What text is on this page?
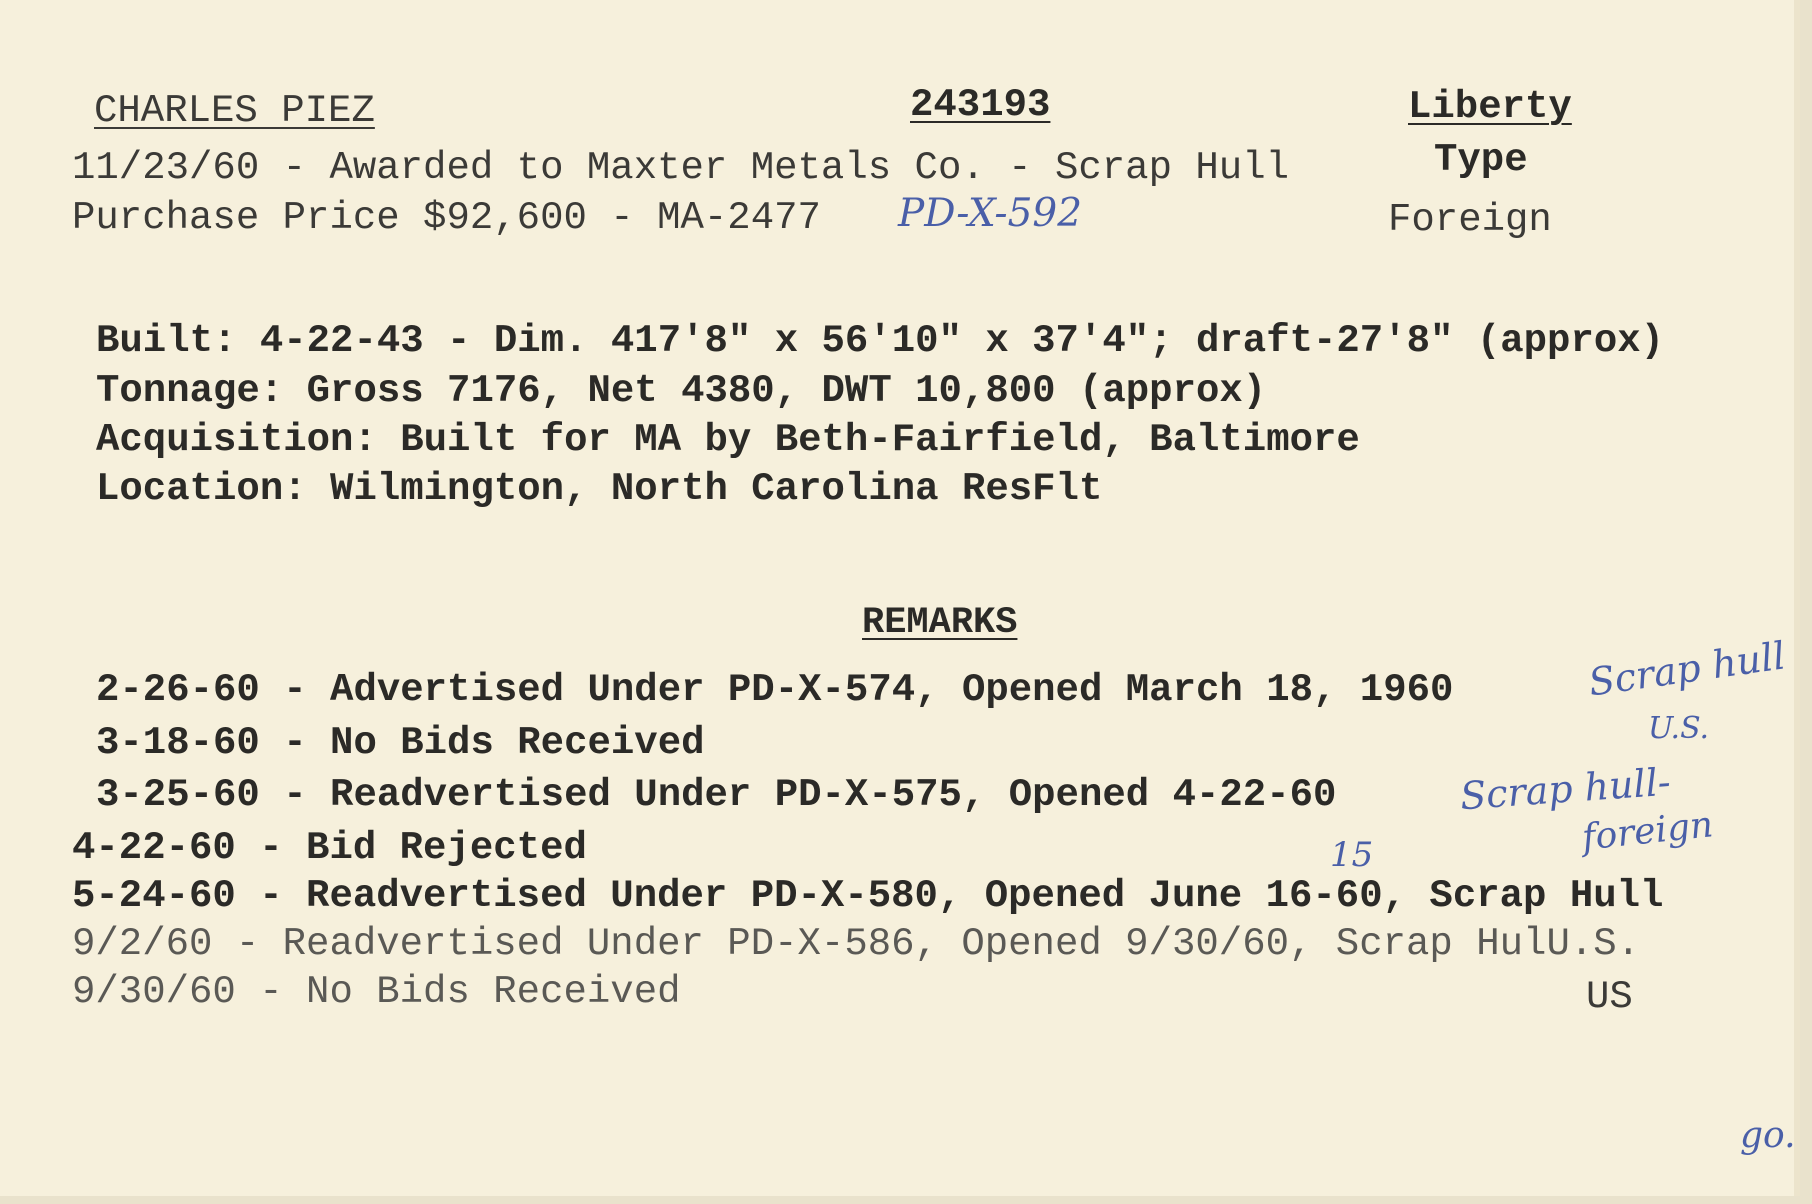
CHARLES PIEZ	243193	Liberty
Type
Foreign
11/23/60 - Awarded to Maxter Metals Co. - Scrap Hull
Purchase Price $92,600 - MA-2477 PD-X-592
Built: 4-22-43 - Dim. 417'8" x 56'10" x 37'4"; draft-27'8" (approx)
Tonnage: Gross 7176, Net 4380, DWT 10,800 (approx)
Acquisition: Built for MA by Beth-Fairfield, Baltimore
Location: Wilmington, North Carolina ResFlt
REMARKS
2-26-60 - Advertised Under PD-X-574, Opened March 18, 1960
3-18-60 - No Bids Received
3-25-60 - Readvertised Under PD-X-575, Opened 4-22-60
4-22-60 - Bid Rejected
5-24-60 - Readvertised Under PD-X-580, Opened June 16-60, Scrap Hull
9/2/60 - Readvertised Under PD-X-586, Opened 9/30/60, Scrap HulU.S.
9/30/60 - No Bids Received	US
15
Scrap hull
U.S.
Scrap hull-
foreign
go.
